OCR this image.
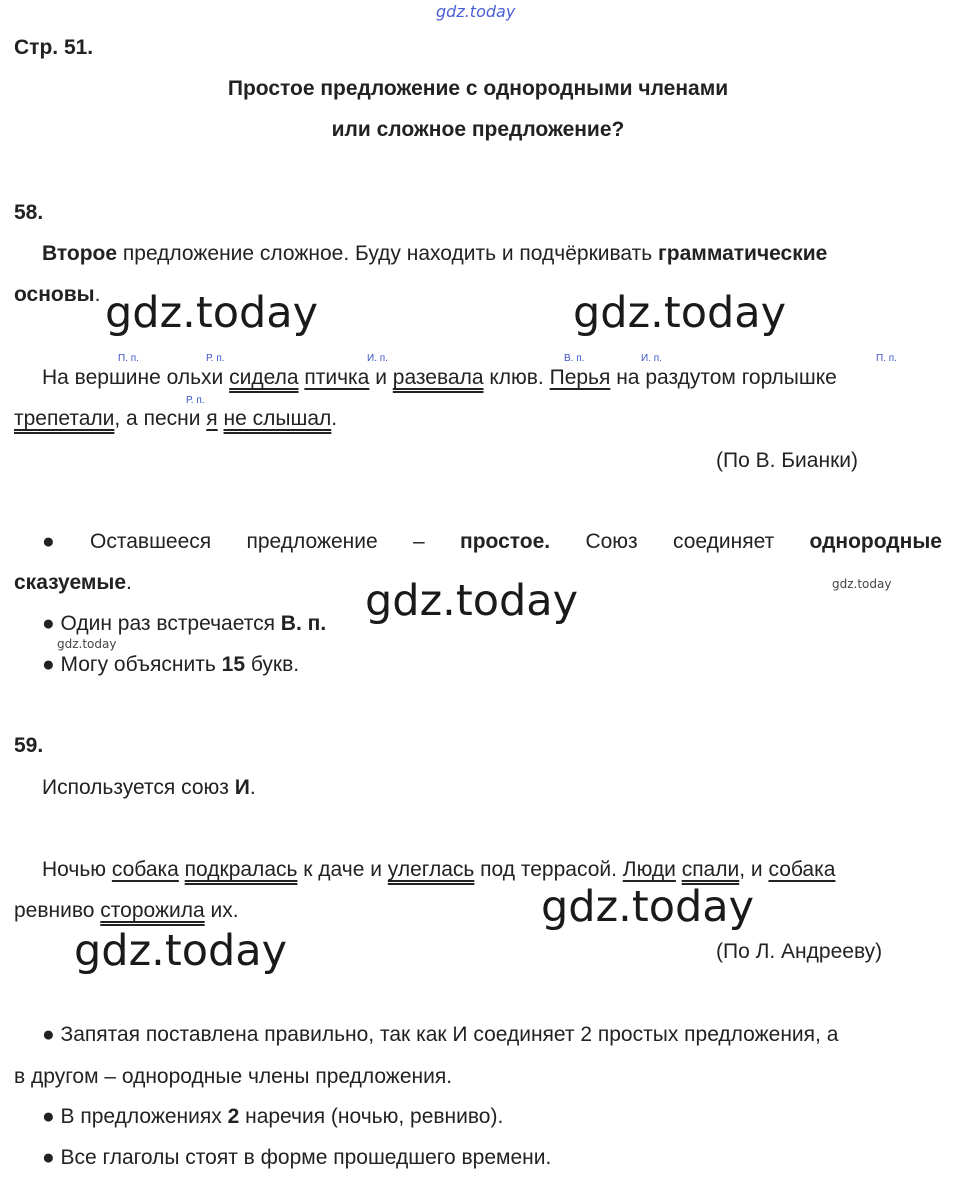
gdz.today
gdz.today	gdz.today
gdz.today	gdz.today
gdz.today
gdz.today
gdz.today
Стр. 51.
Простое предложение с однородными членами
или сложное предложение?
58.
Второе предложение сложное. Буду находить и подчёркивать грамматические
основы.
П. п.	Р. п.	И. п.	В. п.	И. п.	П. п.
Р. п.
На вершине ольхи сидела птичка и разевала клюв. Перья на раздутом горлышке
трепетали, а песни я не слышал.
(По В. Бианки)
● Оставшееся предложение – простое. Союз соединяет однородные
сказуемые.
● Один раз встречается В. п.
● Могу объяснить 15 букв.
59.
Используется союз И.
Ночью собака подкралась к даче и улеглась под террасой. Люди спали, и собака
ревниво сторожила их.
(По Л. Андрееву)
● Запятая поставлена правильно, так как И соединяет 2 простых предложения, а
в другом – однородные члены предложения.
● В предложениях 2 наречия (ночью, ревниво).
● Все глаголы стоят в форме прошедшего времени.
